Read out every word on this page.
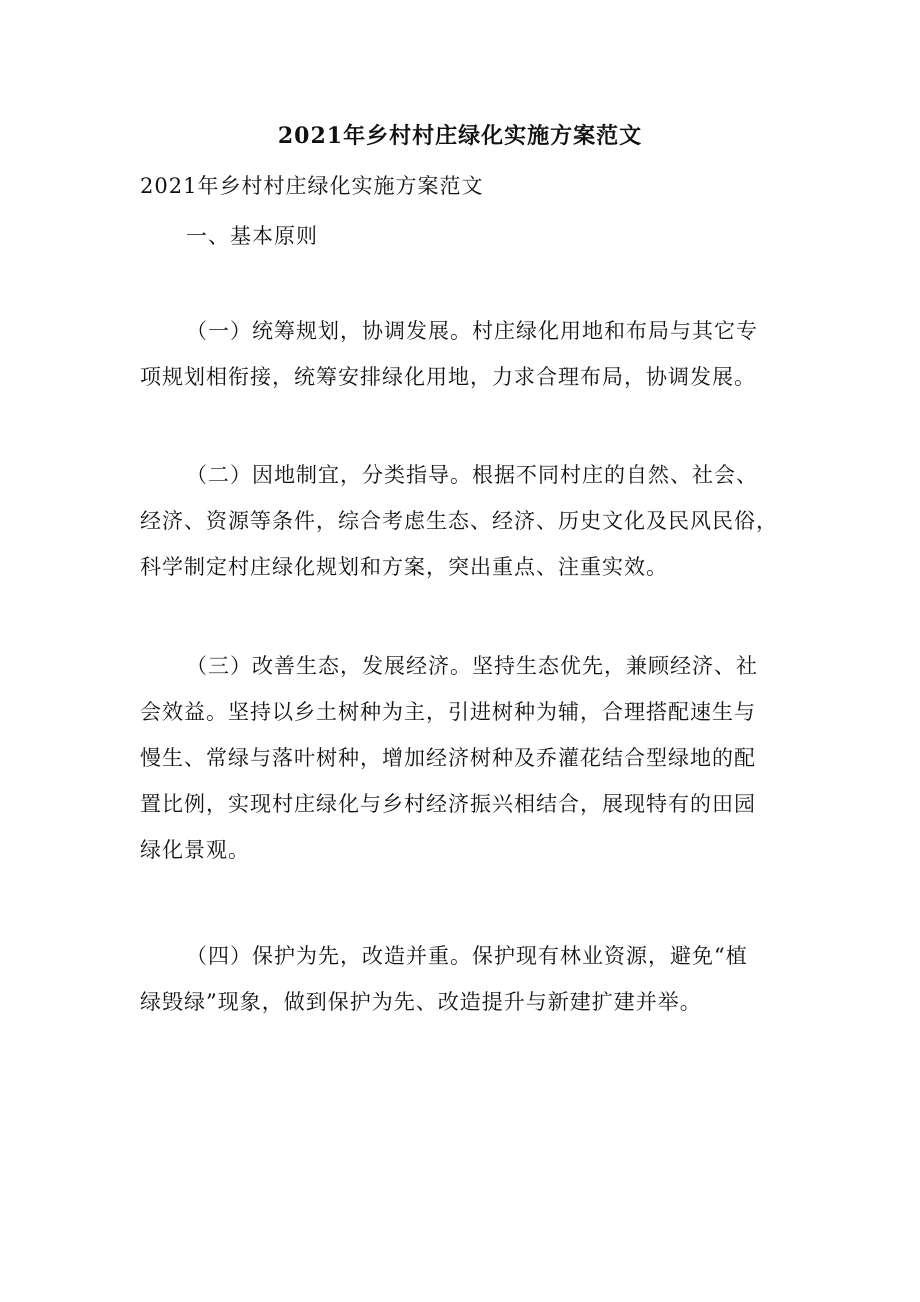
2021年乡村村庄绿化实施方案范文
2021年乡村村庄绿化实施方案范文
一、基本原则
（一）统筹规划，协调发展。村庄绿化用地和布局与其它专
项规划相衔接，统筹安排绿化用地，力求合理布局，协调发展。
（二）因地制宜，分类指导。根据不同村庄的自然、社会、
经济、资源等条件，综合考虑生态、经济、历史文化及民风民俗，
科学制定村庄绿化规划和方案，突出重点、注重实效。
（三）改善生态，发展经济。坚持生态优先，兼顾经济、社
会效益。坚持以乡土树种为主，引进树种为辅，合理搭配速生与
慢生、常绿与落叶树种，增加经济树种及乔灌花结合型绿地的配
置比例，实现村庄绿化与乡村经济振兴相结合，展现特有的田园
绿化景观。
（四）保护为先，改造并重。保护现有林业资源，避免“植
绿毁绿”现象，做到保护为先、改造提升与新建扩建并举。
